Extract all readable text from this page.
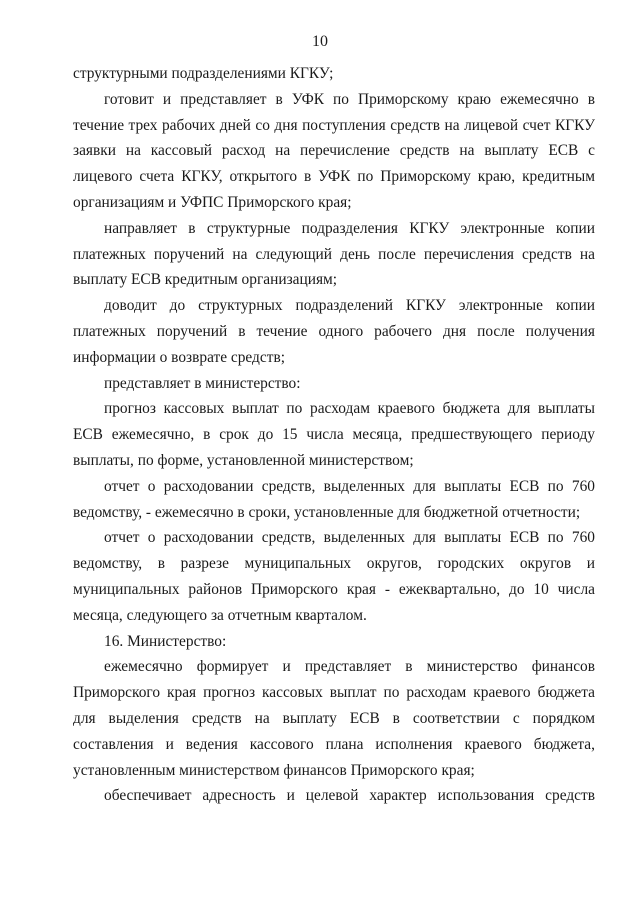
10

структурными подразделениями КГКУ;

готовит и представляет в УФК по Приморскому краю ежемесячно в течение трех рабочих дней со дня поступления средств на лицевой счет КГКУ заявки на кассовый расход на перечисление средств на выплату ЕСВ с лицевого счета КГКУ, открытого в УФК по Приморскому краю, кредитным организациям и УФПС Приморского края;

направляет в структурные подразделения КГКУ электронные копии платежных поручений на следующий день после перечисления средств на выплату ЕСВ кредитным организациям;

доводит до структурных подразделений КГКУ электронные копии платежных поручений в течение одного рабочего дня после получения информации о возврате средств;

представляет в министерство:

прогноз кассовых выплат по расходам краевого бюджета для выплаты ЕСВ ежемесячно, в срок до 15 числа месяца, предшествующего периоду выплаты, по форме, установленной министерством;

отчет о расходовании средств, выделенных для выплаты ЕСВ по 760 ведомству, - ежемесячно в сроки, установленные для бюджетной отчетности;

отчет о расходовании средств, выделенных для выплаты ЕСВ по 760 ведомству, в разрезе муниципальных округов, городских округов и муниципальных районов Приморского края - ежеквартально, до 10 числа месяца, следующего за отчетным кварталом.

16. Министерство:

ежемесячно формирует и представляет в министерство финансов Приморского края прогноз кассовых выплат по расходам краевого бюджета для выделения средств на выплату ЕСВ в соответствии с порядком составления и ведения кассового плана исполнения краевого бюджета, установленным министерством финансов Приморского края;

обеспечивает адресность и целевой характер использования средств
